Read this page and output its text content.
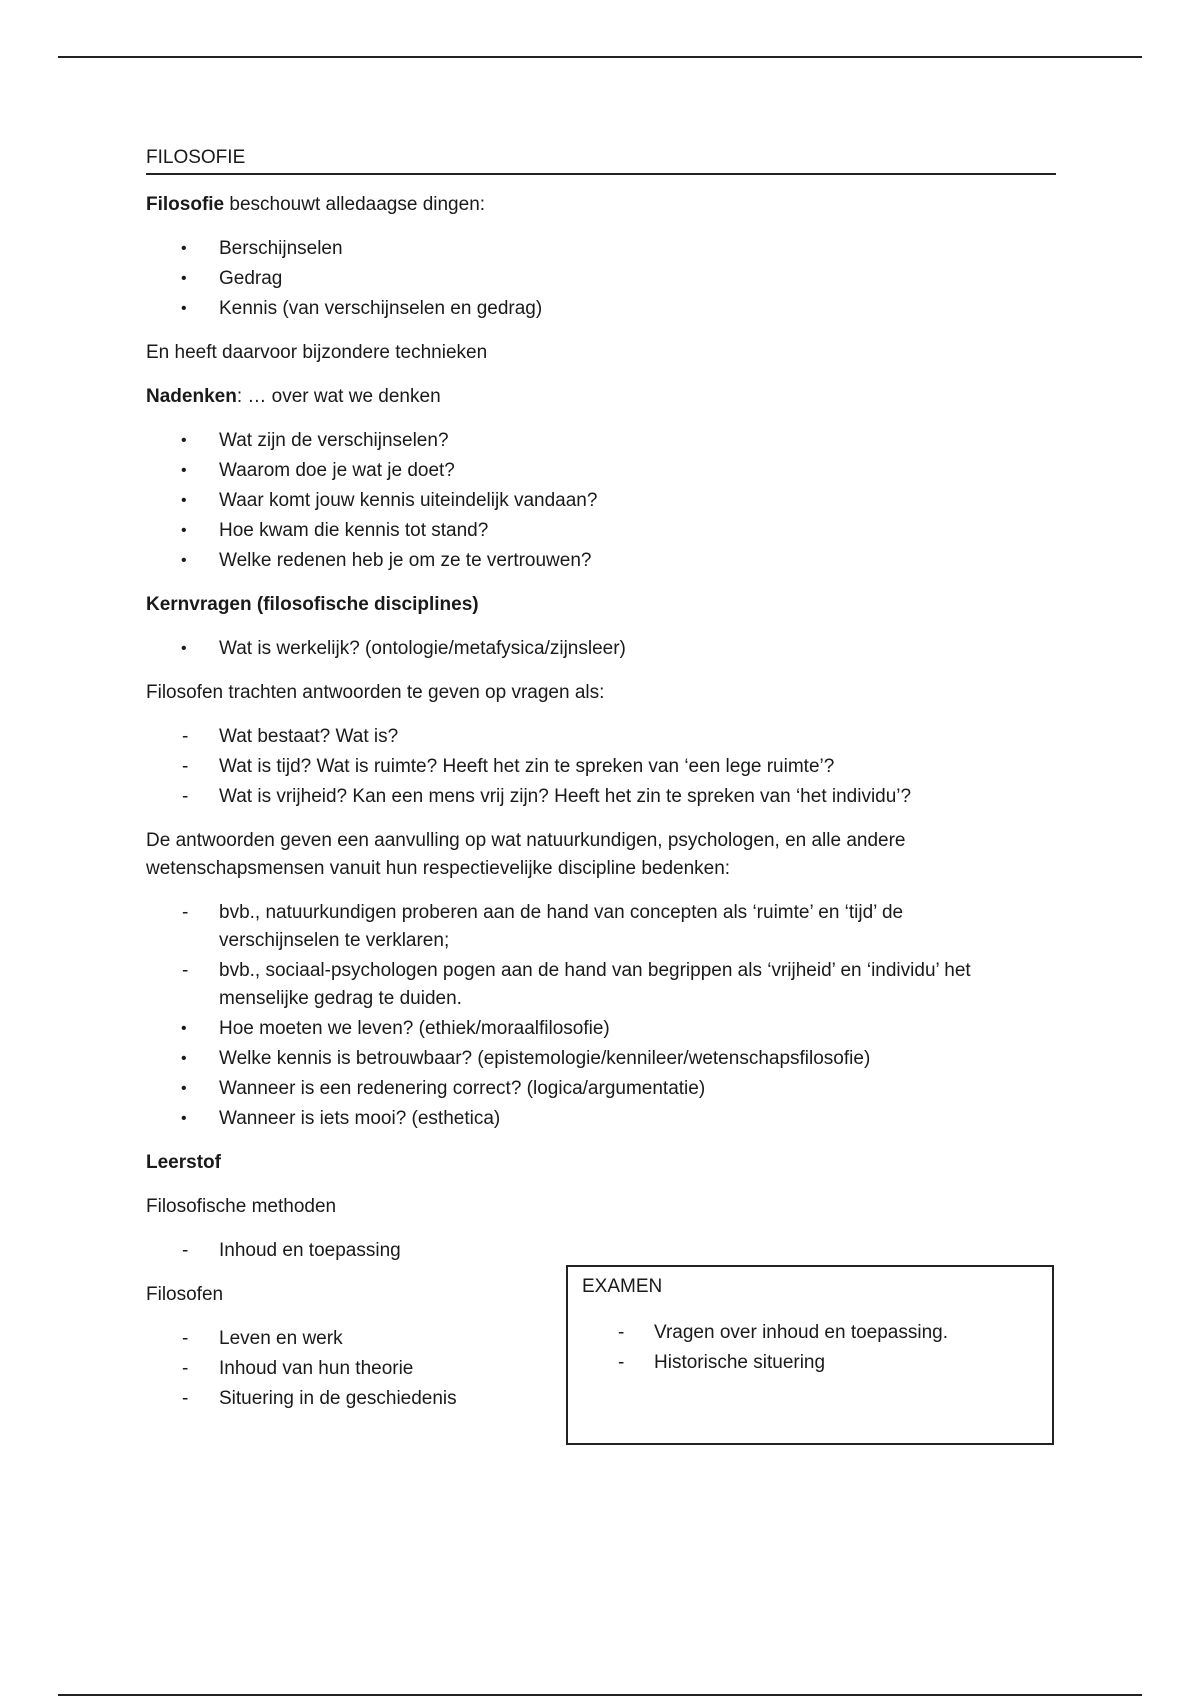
FILOSOFIE

Filosofie beschouwt alledaagse dingen:

•	Berschijnselen
•	Gedrag
•	Kennis (van verschijnselen en gedrag)

En heeft daarvoor bijzondere technieken

Nadenken: … over wat we denken

•	Wat zijn de verschijnselen?
•	Waarom doe je wat je doet?
•	Waar komt jouw kennis uiteindelijk vandaan?
•	Hoe kwam die kennis tot stand?
•	Welke redenen heb je om ze te vertrouwen?

Kernvragen (filosofische disciplines)

•	Wat is werkelijk? (ontologie/metafysica/zijnsleer)

Filosofen trachten antwoorden te geven op vragen als:

-	Wat bestaat? Wat is?
-	Wat is tijd? Wat is ruimte? Heeft het zin te spreken van ‘een lege ruimte’?
-	Wat is vrijheid? Kan een mens vrij zijn? Heeft het zin te spreken van ‘het individu’?

De antwoorden geven een aanvulling op wat natuurkundigen, psychologen, en alle andere wetenschapsmensen vanuit hun respectievelijke discipline bedenken:

-	bvb., natuurkundigen proberen aan de hand van concepten als ‘ruimte’ en ‘tijd’ de verschijnselen te verklaren;
-	bvb., sociaal-psychologen pogen aan de hand van begrippen als ‘vrijheid’ en ‘individu’ het menselijke gedrag te duiden.
•	Hoe moeten we leven? (ethiek/moraalfilosofie)
•	Welke kennis is betrouwbaar? (epistemologie/kennileer/wetenschapsfilosofie)
•	Wanneer is een redenering correct? (logica/argumentatie)
•	Wanneer is iets mooi? (esthetica)

Leerstof

Filosofische methoden

-	Inhoud en toepassing

Filosofen

-	Leven en werk
-	Inhoud van hun theorie
-	Situering in de geschiedenis
EXAMEN
-	Vragen over inhoud en toepassing.
-	Historische situering
